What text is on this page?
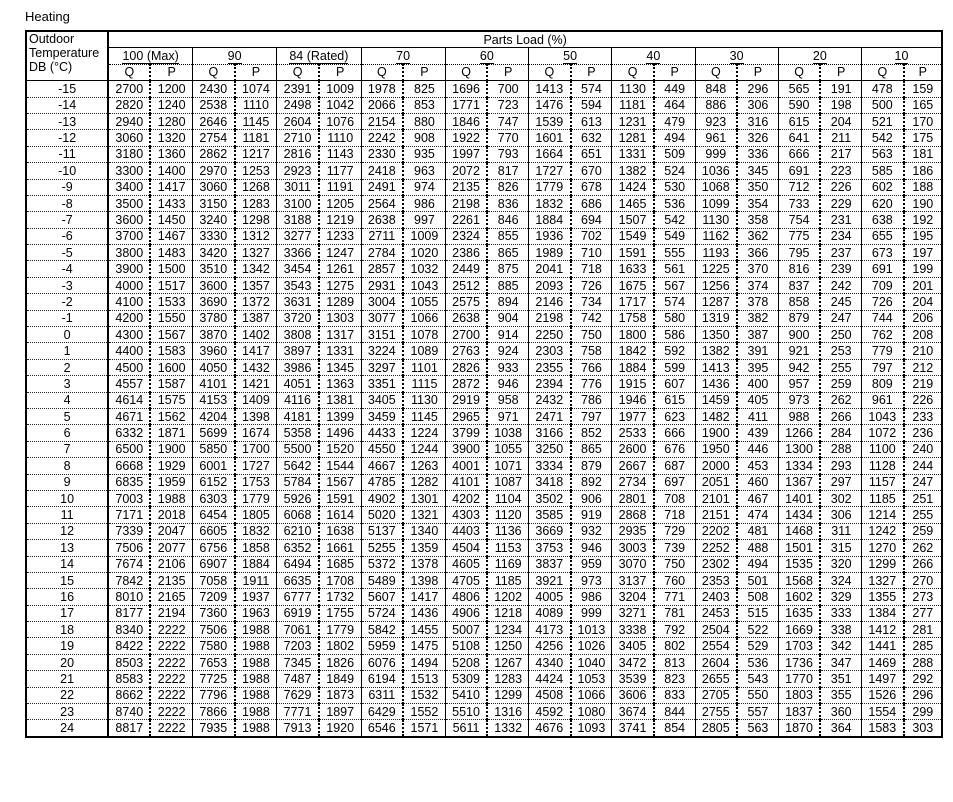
Heating
Outdoor
Temperature
DB (°C)	Parts Load (%)																			
	100 (Max)		90		84 (Rated)		70		60		50		40		30		20		10	
	Q	P	Q	P	Q	P	Q	P	Q	P	Q	P	Q	P	Q	P	Q	P	Q	P
-15	2700	1200	2430	1074	2391	1009	1978	825	1696	700	1413	574	1130	449	848	296	565	191	478	159
-14	2820	1240	2538	1110	2498	1042	2066	853	1771	723	1476	594	1181	464	886	306	590	198	500	165
-13	2940	1280	2646	1145	2604	1076	2154	880	1846	747	1539	613	1231	479	923	316	615	204	521	170
-12	3060	1320	2754	1181	2710	1110	2242	908	1922	770	1601	632	1281	494	961	326	641	211	542	175
-11	3180	1360	2862	1217	2816	1143	2330	935	1997	793	1664	651	1331	509	999	336	666	217	563	181
-10	3300	1400	2970	1253	2923	1177	2418	963	2072	817	1727	670	1382	524	1036	345	691	223	585	186
-9	3400	1417	3060	1268	3011	1191	2491	974	2135	826	1779	678	1424	530	1068	350	712	226	602	188
-8	3500	1433	3150	1283	3100	1205	2564	986	2198	836	1832	686	1465	536	1099	354	733	229	620	190
-7	3600	1450	3240	1298	3188	1219	2638	997	2261	846	1884	694	1507	542	1130	358	754	231	638	192
-6	3700	1467	3330	1312	3277	1233	2711	1009	2324	855	1936	702	1549	549	1162	362	775	234	655	195
-5	3800	1483	3420	1327	3366	1247	2784	1020	2386	865	1989	710	1591	555	1193	366	795	237	673	197
-4	3900	1500	3510	1342	3454	1261	2857	1032	2449	875	2041	718	1633	561	1225	370	816	239	691	199
-3	4000	1517	3600	1357	3543	1275	2931	1043	2512	885	2093	726	1675	567	1256	374	837	242	709	201
-2	4100	1533	3690	1372	3631	1289	3004	1055	2575	894	2146	734	1717	574	1287	378	858	245	726	204
-1	4200	1550	3780	1387	3720	1303	3077	1066	2638	904	2198	742	1758	580	1319	382	879	247	744	206
0	4300	1567	3870	1402	3808	1317	3151	1078	2700	914	2250	750	1800	586	1350	387	900	250	762	208
1	4400	1583	3960	1417	3897	1331	3224	1089	2763	924	2303	758	1842	592	1382	391	921	253	779	210
2	4500	1600	4050	1432	3986	1345	3297	1101	2826	933	2355	766	1884	599	1413	395	942	255	797	212
3	4557	1587	4101	1421	4051	1363	3351	1115	2872	946	2394	776	1915	607	1436	400	957	259	809	219
4	4614	1575	4153	1409	4116	1381	3405	1130	2919	958	2432	786	1946	615	1459	405	973	262	961	226
5	4671	1562	4204	1398	4181	1399	3459	1145	2965	971	2471	797	1977	623	1482	411	988	266	1043	233
6	6332	1871	5699	1674	5358	1496	4433	1224	3799	1038	3166	852	2533	666	1900	439	1266	284	1072	236
7	6500	1900	5850	1700	5500	1520	4550	1244	3900	1055	3250	865	2600	676	1950	446	1300	288	1100	240
8	6668	1929	6001	1727	5642	1544	4667	1263	4001	1071	3334	879	2667	687	2000	453	1334	293	1128	244
9	6835	1959	6152	1753	5784	1567	4785	1282	4101	1087	3418	892	2734	697	2051	460	1367	297	1157	247
10	7003	1988	6303	1779	5926	1591	4902	1301	4202	1104	3502	906	2801	708	2101	467	1401	302	1185	251
11	7171	2018	6454	1805	6068	1614	5020	1321	4303	1120	3585	919	2868	718	2151	474	1434	306	1214	255
12	7339	2047	6605	1832	6210	1638	5137	1340	4403	1136	3669	932	2935	729	2202	481	1468	311	1242	259
13	7506	2077	6756	1858	6352	1661	5255	1359	4504	1153	3753	946	3003	739	2252	488	1501	315	1270	262
14	7674	2106	6907	1884	6494	1685	5372	1378	4605	1169	3837	959	3070	750	2302	494	1535	320	1299	266
15	7842	2135	7058	1911	6635	1708	5489	1398	4705	1185	3921	973	3137	760	2353	501	1568	324	1327	270
16	8010	2165	7209	1937	6777	1732	5607	1417	4806	1202	4005	986	3204	771	2403	508	1602	329	1355	273
17	8177	2194	7360	1963	6919	1755	5724	1436	4906	1218	4089	999	3271	781	2453	515	1635	333	1384	277
18	8340	2222	7506	1988	7061	1779	5842	1455	5007	1234	4173	1013	3338	792	2504	522	1669	338	1412	281
19	8422	2222	7580	1988	7203	1802	5959	1475	5108	1250	4256	1026	3405	802	2554	529	1703	342	1441	285
20	8503	2222	7653	1988	7345	1826	6076	1494	5208	1267	4340	1040	3472	813	2604	536	1736	347	1469	288
21	8583	2222	7725	1988	7487	1849	6194	1513	5309	1283	4424	1053	3539	823	2655	543	1770	351	1497	292
22	8662	2222	7796	1988	7629	1873	6311	1532	5410	1299	4508	1066	3606	833	2705	550	1803	355	1526	296
23	8740	2222	7866	1988	7771	1897	6429	1552	5510	1316	4592	1080	3674	844	2755	557	1837	360	1554	299
24	8817	2222	7935	1988	7913	1920	6546	1571	5611	1332	4676	1093	3741	854	2805	563	1870	364	1583	303
